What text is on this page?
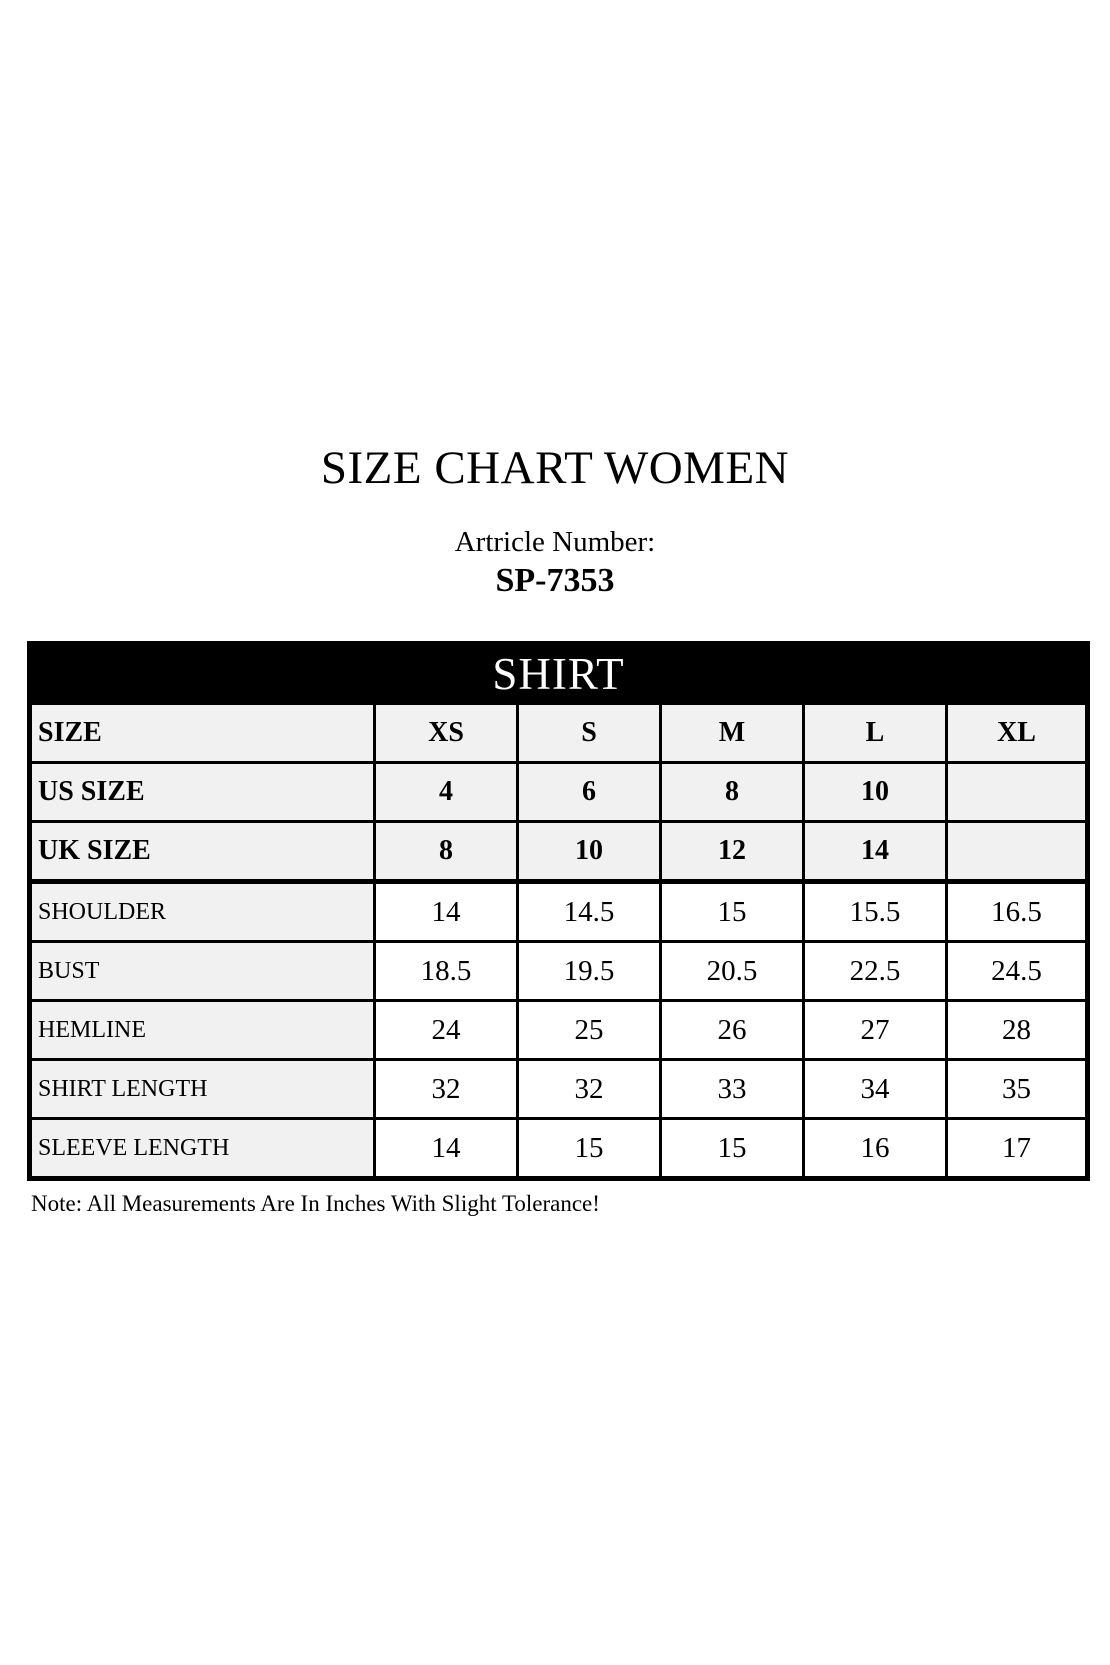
SIZE CHART WOMEN
Artricle Number:
SP-7353
SHIRT					
SIZE	XS	S	M	L	XL
US SIZE	4	6	8	10	
UK SIZE	8	10	12	14	
SHOULDER	14	14.5	15	15.5	16.5
BUST	18.5	19.5	20.5	22.5	24.5
HEMLINE	24	25	26	27	28
SHIRT LENGTH	32	32	33	34	35
SLEEVE LENGTH	14	15	15	16	17
Note: All Measurements Are In Inches With Slight Tolerance!
